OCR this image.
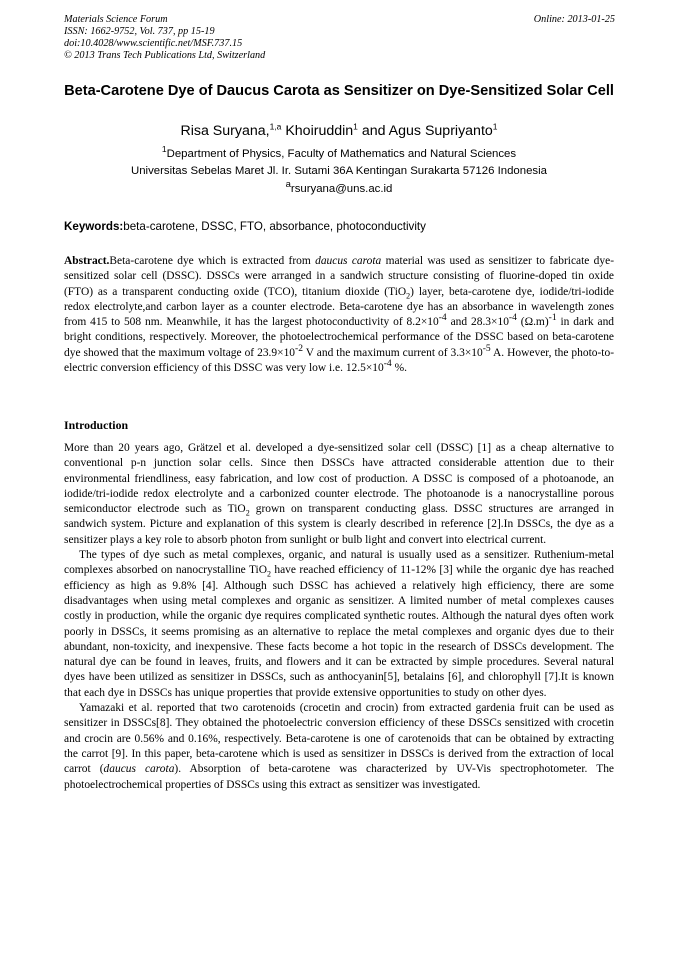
Materials Science Forum
ISSN: 1662-9752, Vol. 737, pp 15-19
doi:10.4028/www.scientific.net/MSF.737.15
© 2013 Trans Tech Publications Ltd, Switzerland
Online: 2013-01-25
Beta-Carotene Dye of Daucus Carota as Sensitizer on Dye-Sensitized Solar Cell
Risa Suryana,$^{1,a}$ Khoiruddin$^1$ and Agus Supriyanto$^1$
$^1$Department of Physics, Faculty of Mathematics and Natural Sciences
Universitas Sebelas Maret Jl. Ir. Sutami 36A Kentingan Surakarta 57126 Indonesia
$^a$rsuryana@uns.ac.id
Keywords:beta-carotene, DSSC, FTO, absorbance, photoconductivity

Abstract.Beta-carotene dye which is extracted from daucus carota material was used as sensitizer to fabricate dye-sensitized solar cell (DSSC). DSSCs were arranged in a sandwich structure consisting of fluorine-doped tin oxide (FTO) as a transparent conducting oxide (TCO), titanium dioxide (TiO$_2$) layer, beta-carotene dye, iodide/tri-iodide redox electrolyte,and carbon layer as a counter electrode. Beta-carotene dye has an absorbance in wavelength zones from 415 to 508 nm. Meanwhile, it has the largest photoconductivity of $8.2\times 10^{-4}$ and $28.3\times 10^{-4}$ $(\Omega.m)^{-1}$ in dark and bright conditions, respectively. Moreover, the photoelectrochemical performance of the DSSC based on beta-carotene dye showed that the maximum voltage of $23.9\times 10^{-2}$ V and the maximum current of $3.3\times 10^{-5}$ A. However, the photo-to-electric conversion efficiency of this DSSC was very low i.e. $12.5\times 10^{-4}$ %.

Introduction

More than 20 years ago, Grätzel et al. developed a dye-sensitized solar cell (DSSC) [1] as a cheap alternative to conventional p-n junction solar cells. Since then DSSCs have attracted considerable attention due to their environmental friendliness, easy fabrication, and low cost of production. A DSSC is composed of a photoanode, an iodide/tri-iodide redox electrolyte and a carbonized counter electrode. The photoanode is a nanocrystalline porous semiconductor electrode such as TiO$_2$ grown on transparent conducting glass. DSSC structures are arranged in sandwich system. Picture and explanation of this system is clearly described in reference [2].In DSSCs, the dye as a sensitizer plays a key role to absorb photon from sunlight or bulb light and convert into electrical current.

The types of dye such as metal complexes, organic, and natural is usually used as a sensitizer. Ruthenium-metal complexes absorbed on nanocrystalline TiO$_2$ have reached efficiency of 11-12% [3] while the organic dye has reached efficiency as high as 9.8% [4]. Although such DSSC has achieved a relatively high efficiency, there are some disadvantages when using metal complexes and organic as sensitizer. A limited number of metal complexes causes costly in production, while the organic dye requires complicated synthetic routes. Although the natural dyes often work poorly in DSSCs, it seems promising as an alternative to replace the metal complexes and organic dyes due to their abundant, non-toxicity, and inexpensive. These facts become a hot topic in the research of DSSCs development. The natural dye can be found in leaves, fruits, and flowers and it can be extracted by simple procedures. Several natural dyes have been utilized as sensitizer in DSSCs, such as anthocyanin[5], betalains [6], and chlorophyll [7].It is known that each dye in DSSCs has unique properties that provide extensive opportunities to study on other dyes.

Yamazaki et al. reported that two carotenoids (crocetin and crocin) from extracted gardenia fruit can be used as sensitizer in DSSCs[8]. They obtained the photoelectric conversion efficiency of these DSSCs sensitized with crocetin and crocin are 0.56% and 0.16%, respectively. Beta-carotene is one of carotenoids that can be obtained by extracting the carrot [9]. In this paper, beta-carotene which is used as sensitizer in DSSCs is derived from the extraction of local carrot (daucus carota). Absorption of beta-carotene was characterized by UV-Vis spectrophotometer. The photoelectrochemical properties of DSSCs using this extract as sensitizer was investigated.
